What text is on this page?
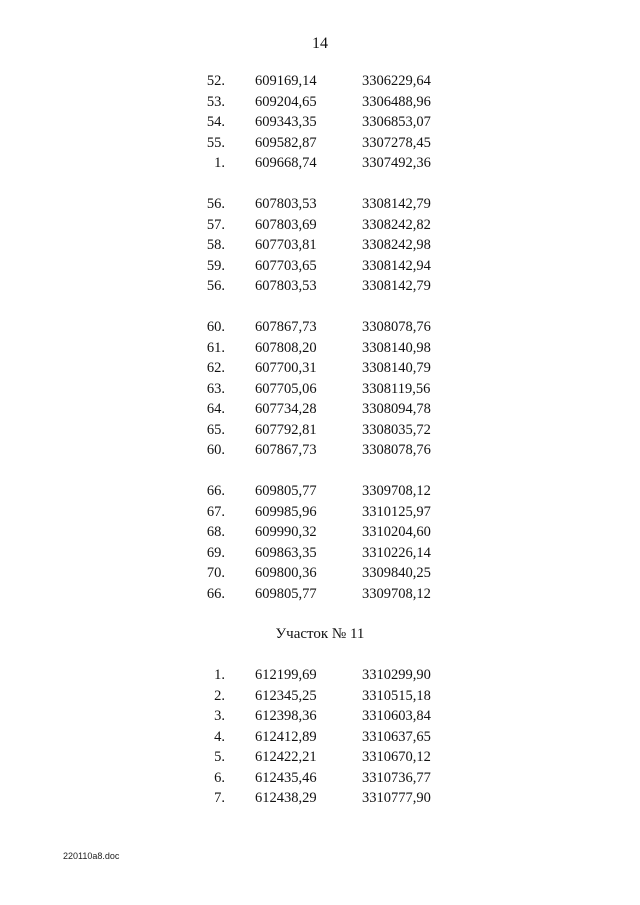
14
52. 609169,14	3306229,64
53. 609204,65	3306488,96
54. 609343,35	3306853,07
55. 609582,87	3307278,45
1. 609668,74	3307492,36
56. 607803,53	3308142,79
57. 607803,69	3308242,82
58. 607703,81	3308242,98
59. 607703,65	3308142,94
56. 607803,53	3308142,79
60. 607867,73	3308078,76
61. 607808,20	3308140,98
62. 607700,31	3308140,79
63. 607705,06	3308119,56
64. 607734,28	3308094,78
65. 607792,81	3308035,72
60. 607867,73	3308078,76
66. 609805,77	3309708,12
67. 609985,96	3310125,97
68. 609990,32	3310204,60
69. 609863,35	3310226,14
70. 609800,36	3309840,25
66. 609805,77	3309708,12
Участок № 11
1. 612199,69	3310299,90
2. 612345,25	3310515,18
3. 612398,36	3310603,84
4. 612412,89	3310637,65
5. 612422,21	3310670,12
6. 612435,46	3310736,77
7. 612438,29	3310777,90
220110a8.doc
